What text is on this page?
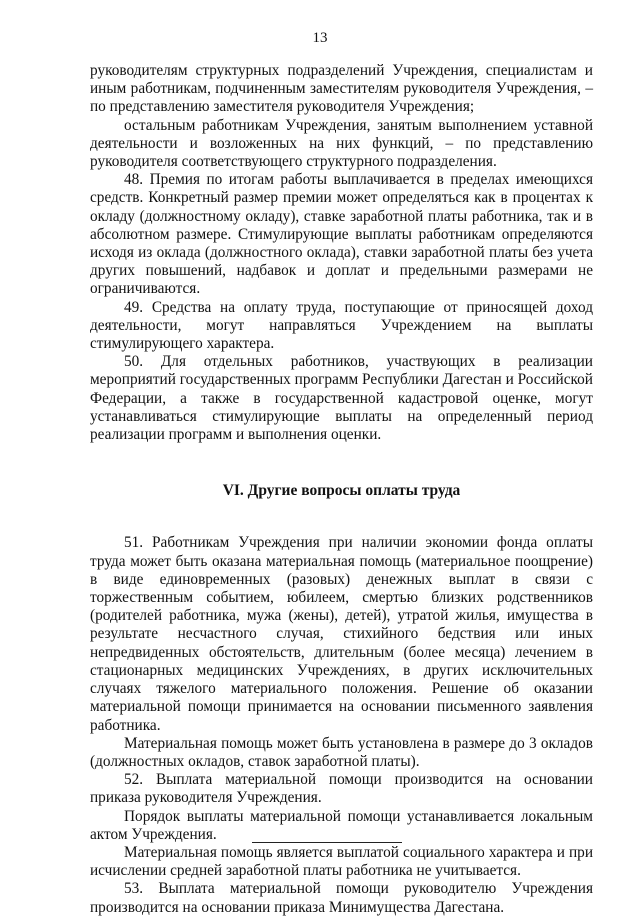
13

руководителям структурных подразделений Учреждения, специалистам и иным работникам, подчиненным заместителям руководителя Учреждения, – по представлению заместителя руководителя Учреждения;

остальным работникам Учреждения, занятым выполнением уставной деятельности и возложенных на них функций, – по представлению руководителя соответствующего структурного подразделения.

48. Премия по итогам работы выплачивается в пределах имеющихся средств. Конкретный размер премии может определяться как в процентах к окладу (должностному окладу), ставке заработной платы работника, так и в абсолютном размере. Стимулирующие выплаты работникам определяются исходя из оклада (должностного оклада), ставки заработной платы без учета других повышений, надбавок и доплат и предельными размерами не ограничиваются.

49. Средства на оплату труда, поступающие от приносящей доход деятельности, могут направляться Учреждением на выплаты стимулирующего характера.

50. Для отдельных работников, участвующих в реализации мероприятий государственных программ Республики Дагестан и Российской Федерации, а также в государственной кадастровой оценке, могут устанавливаться стимулирующие выплаты на определенный период реализации программ и выполнения оценки.

VI. Другие вопросы оплаты труда

51. Работникам Учреждения при наличии экономии фонда оплаты труда может быть оказана материальная помощь (материальное поощрение) в виде единовременных (разовых) денежных выплат в связи с торжественным событием, юбилеем, смертью близких родственников (родителей работника, мужа (жены), детей), утратой жилья, имущества в результате несчастного случая, стихийного бедствия или иных непредвиденных обстоятельств, длительным (более месяца) лечением в стационарных медицинских Учреждениях, в других исключительных случаях тяжелого материального положения. Решение об оказании материальной помощи принимается на основании письменного заявления работника.

Материальная помощь может быть установлена в размере до 3 окладов (должностных окладов, ставок заработной платы).

52. Выплата материальной помощи производится на основании приказа руководителя Учреждения.

Порядок выплаты материальной помощи устанавливается локальным актом Учреждения.

Материальная помощь является выплатой социального характера и при исчислении средней заработной платы работника не учитывается.

53. Выплата материальной помощи руководителю Учреждения производится на основании приказа Минимущества Дагестана.
